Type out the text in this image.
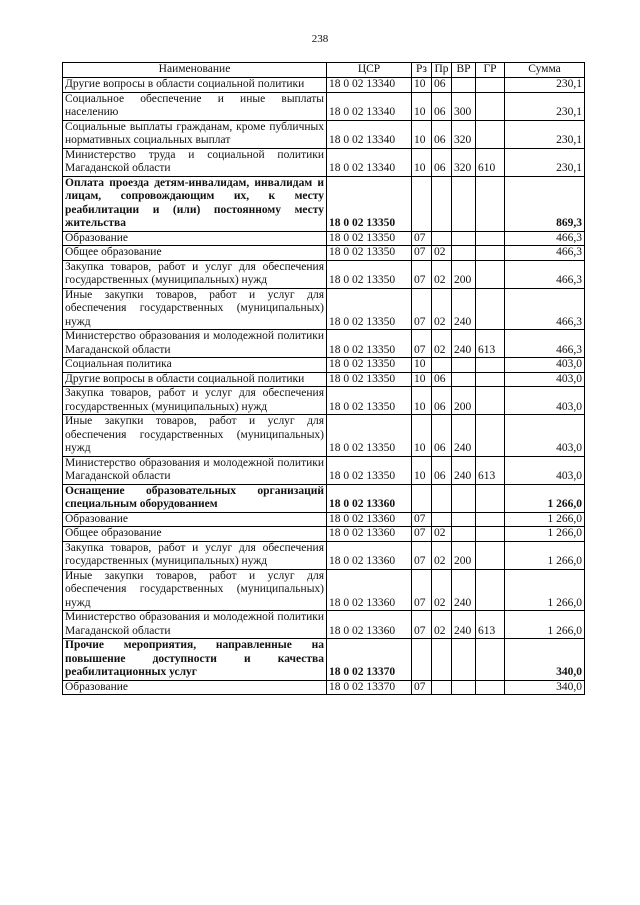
238
Наименование	ЦСР	Рз	Пр	ВР	ГР	Сумма
Другие вопросы в области социальной политики	18 0 02 13340	10	06			230,1
Социальное обеспечение и иные выплаты населению	18 0 02 13340	10	06	300		230,1
Социальные выплаты гражданам, кроме публичных нормативных социальных выплат	18 0 02 13340	10	06	320		230,1
Министерство труда и социальной политики Магаданской области	18 0 02 13340	10	06	320	610	230,1
Оплата проезда детям-инвалидам, инвалидам и лицам, сопровождающим их, к месту реабилитации и (или) постоянному месту жительства	18 0 02 13350					869,3
Образование	18 0 02 13350	07				466,3
Общее образование	18 0 02 13350	07	02			466,3
Закупка товаров, работ и услуг для обеспечения государственных (муниципальных) нужд	18 0 02 13350	07	02	200		466,3
Иные закупки товаров, работ и услуг для обеспечения государственных (муниципальных) нужд	18 0 02 13350	07	02	240		466,3
Министерство образования и молодежной политики Магаданской области	18 0 02 13350	07	02	240	613	466,3
Социальная политика	18 0 02 13350	10				403,0
Другие вопросы в области социальной политики	18 0 02 13350	10	06			403,0
Закупка товаров, работ и услуг для обеспечения государственных (муниципальных) нужд	18 0 02 13350	10	06	200		403,0
Иные закупки товаров, работ и услуг для обеспечения государственных (муниципальных) нужд	18 0 02 13350	10	06	240		403,0
Министерство образования и молодежной политики Магаданской области	18 0 02 13350	10	06	240	613	403,0
Оснащение образовательных организаций специальным оборудованием	18 0 02 13360					1 266,0
Образование	18 0 02 13360	07				1 266,0
Общее образование	18 0 02 13360	07	02			1 266,0
Закупка товаров, работ и услуг для обеспечения государственных (муниципальных) нужд	18 0 02 13360	07	02	200		1 266,0
Иные закупки товаров, работ и услуг для обеспечения государственных (муниципальных) нужд	18 0 02 13360	07	02	240		1 266,0
Министерство образования и молодежной политики Магаданской области	18 0 02 13360	07	02	240	613	1 266,0
Прочие мероприятия, направленные на повышение доступности и качества реабилитационных услуг	18 0 02 13370					340,0
Образование	18 0 02 13370	07				340,0
